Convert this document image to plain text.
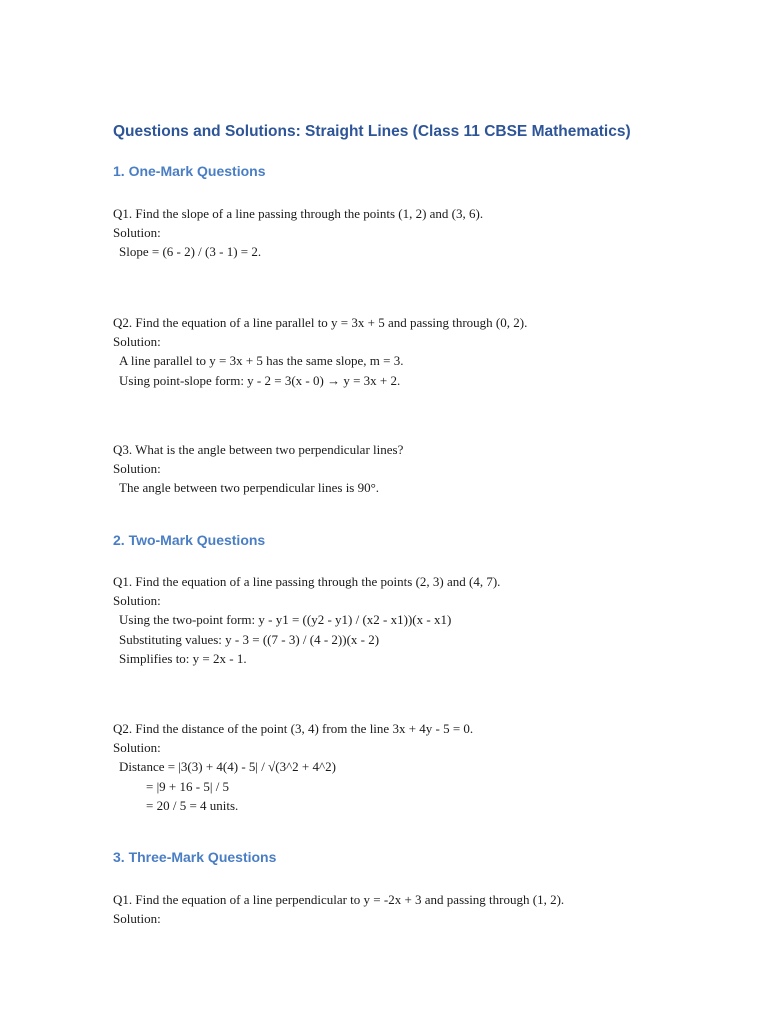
Questions and Solutions: Straight Lines (Class 11 CBSE Mathematics)
1. One-Mark Questions
Q1. Find the slope of a line passing through the points (1, 2) and (3, 6).
Solution:
Slope = (6 - 2) / (3 - 1) = 2.
Q2. Find the equation of a line parallel to y = 3x + 5 and passing through (0, 2).
Solution:
A line parallel to y = 3x + 5 has the same slope, m = 3.
Using point-slope form: y - 2 = 3(x - 0) → y = 3x + 2.
Q3. What is the angle between two perpendicular lines?
Solution:
The angle between two perpendicular lines is 90°.
2. Two-Mark Questions
Q1. Find the equation of a line passing through the points (2, 3) and (4, 7).
Solution:
Using the two-point form: y - y1 = ((y2 - y1) / (x2 - x1))(x - x1)
Substituting values: y - 3 = ((7 - 3) / (4 - 2))(x - 2)
Simplifies to: y = 2x - 1.
Q2. Find the distance of the point (3, 4) from the line 3x + 4y - 5 = 0.
Solution:
Distance = |3(3) + 4(4) - 5| / √(3^2 + 4^2)
= |9 + 16 - 5| / 5
= 20 / 5 = 4 units.
3. Three-Mark Questions
Q1. Find the equation of a line perpendicular to y = -2x + 3 and passing through (1, 2).
Solution:
